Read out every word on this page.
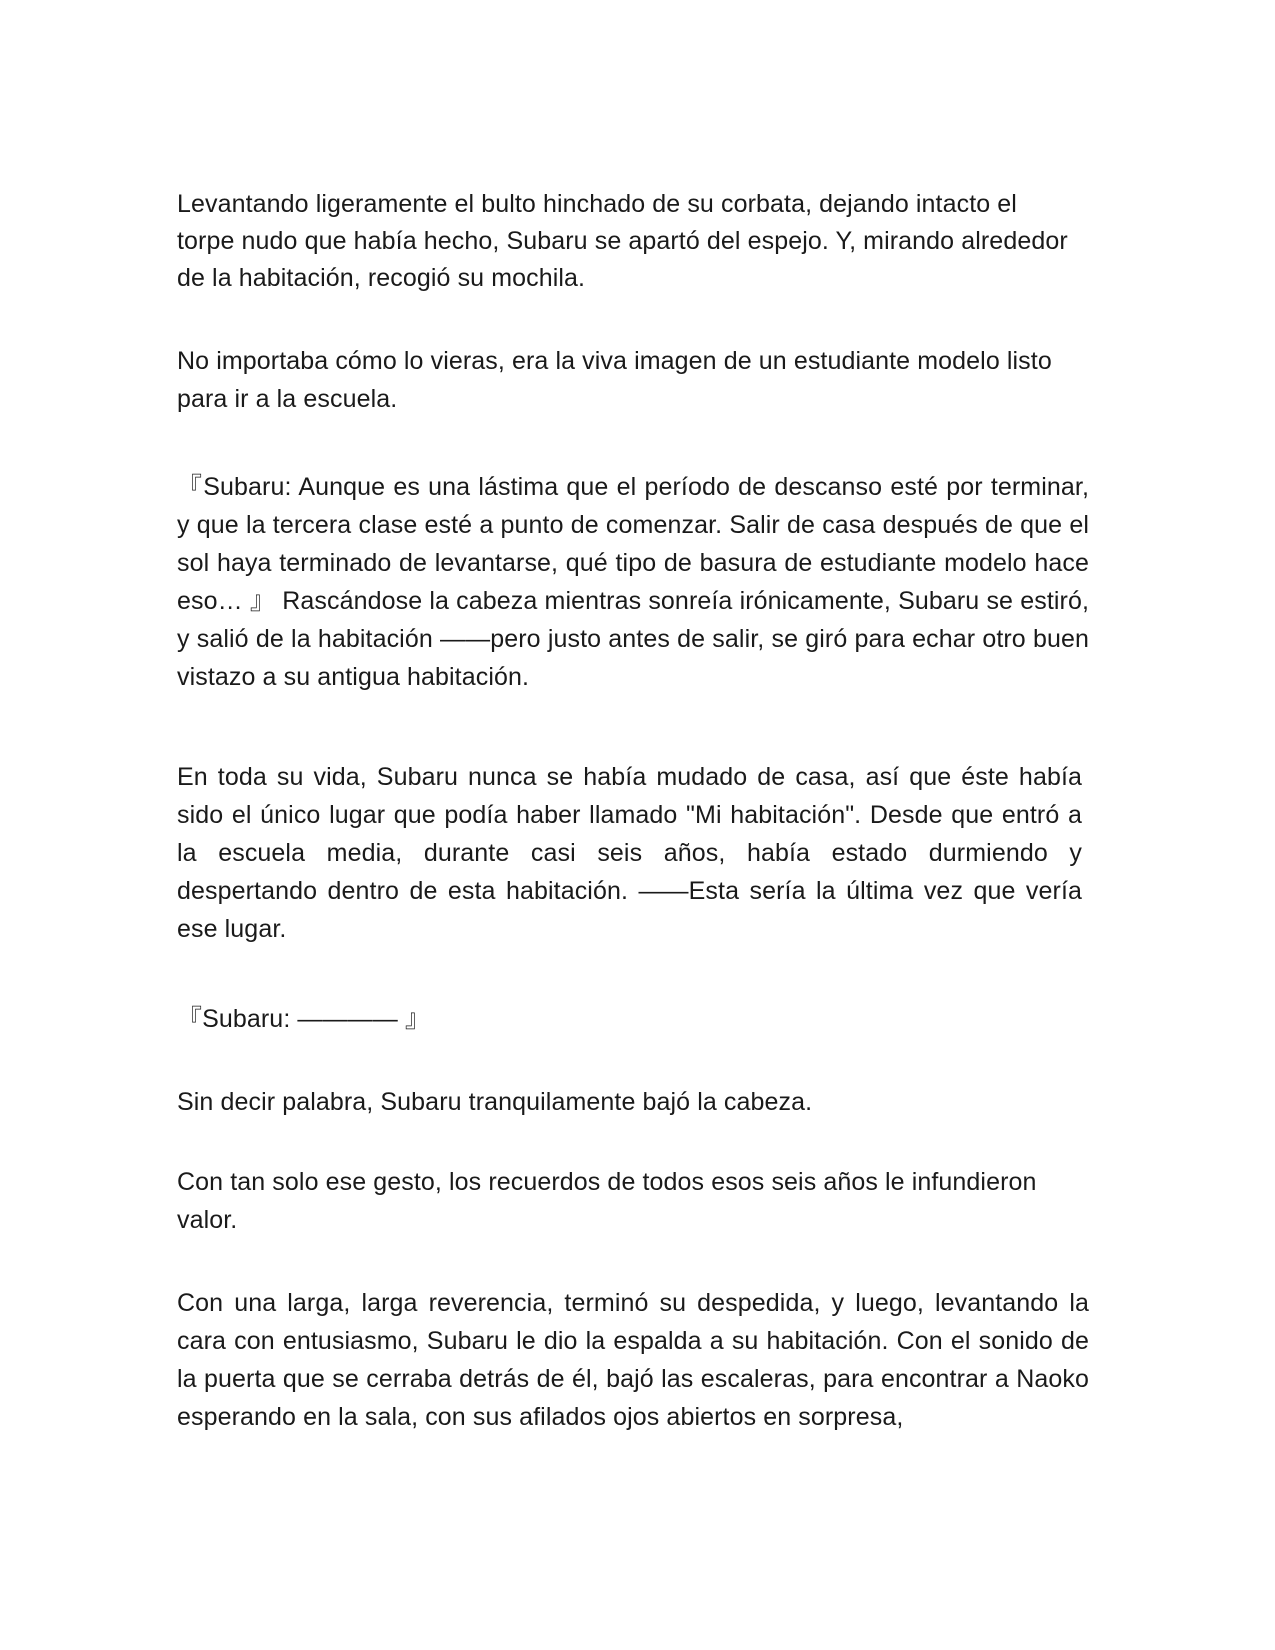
Levantando ligeramente el bulto hinchado de su corbata, dejando intacto el torpe nudo que había hecho, Subaru se apartó del espejo. Y, mirando alrededor de la habitación, recogió su mochila.

No importaba cómo lo vieras, era la viva imagen de un estudiante modelo listo para ir a la escuela.

『Subaru: Aunque es una lástima que el período de descanso esté por terminar, y que la tercera clase esté a punto de comenzar. Salir de casa después de que el sol haya terminado de levantarse, qué tipo de basura de estudiante modelo hace eso… 』 Rascándose la cabeza mientras sonreía irónicamente, Subaru se estiró, y salió de la habitación ——pero justo antes de salir, se giró para echar otro buen vistazo a su antigua habitación.

En toda su vida, Subaru nunca se había mudado de casa, así que éste había sido el único lugar que podía haber llamado "Mi habitación". Desde que entró a la escuela media, durante casi seis años, había estado durmiendo y despertando dentro de esta habitación. ——Esta sería la última vez que vería ese lugar.

『Subaru: ———— 』

Sin decir palabra, Subaru tranquilamente bajó la cabeza.

Con tan solo ese gesto, los recuerdos de todos esos seis años le infundieron valor.

Con una larga, larga reverencia, terminó su despedida, y luego, levantando la cara con entusiasmo, Subaru le dio la espalda a su habitación. Con el sonido de la puerta que se cerraba detrás de él, bajó las escaleras, para encontrar a Naoko esperando en la sala, con sus afilados ojos abiertos en sorpresa,
